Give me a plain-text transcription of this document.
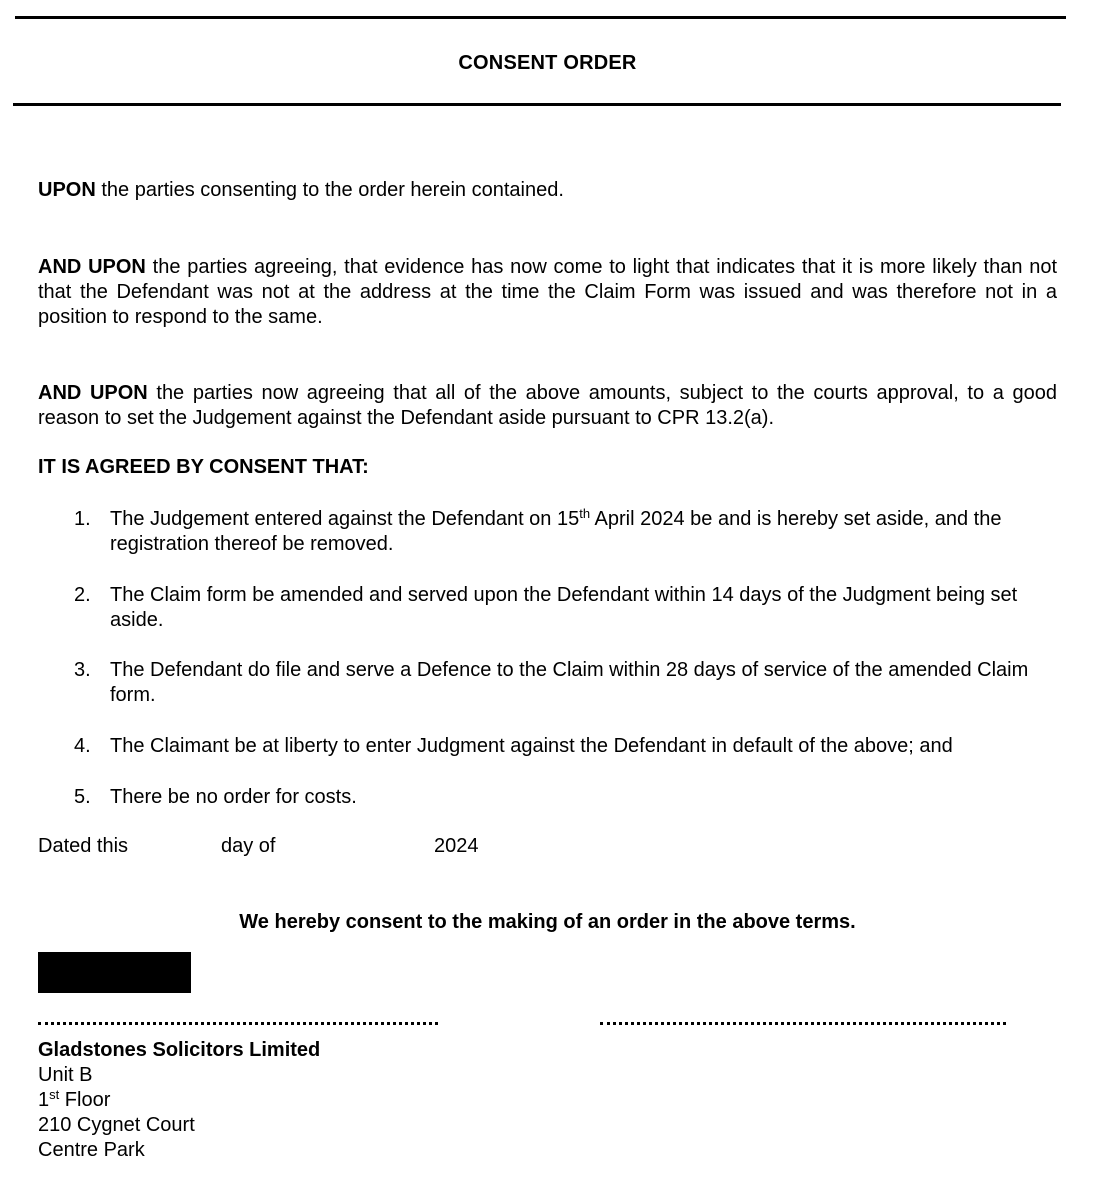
CONSENT ORDER
UPON the parties consenting to the order herein contained.
AND UPON the parties agreeing, that evidence has now come to light that indicates that it is more likely than not that the Defendant was not at the address at the time the Claim Form was issued and was therefore not in a position to respond to the same.
AND UPON the parties now agreeing that all of the above amounts, subject to the courts approval, to a good reason to set the Judgement against the Defendant aside pursuant to CPR 13.2(a).
IT IS AGREED BY CONSENT THAT:
1. The Judgement entered against the Defendant on 15th April 2024 be and is hereby set aside, and the registration thereof be removed.
2. The Claim form be amended and served upon the Defendant within 14 days of the Judgment being set aside.
3. The Defendant do file and serve a Defence to the Claim within 28 days of service of the amended Claim form.
4. The Claimant be at liberty to enter Judgment against the Defendant in default of the above; and
5. There be no order for costs.
Dated this	day of	2024
We hereby consent to the making of an order in the above terms.
Gladstones Solicitors Limited
Unit B
1st Floor
210 Cygnet Court
Centre Park
